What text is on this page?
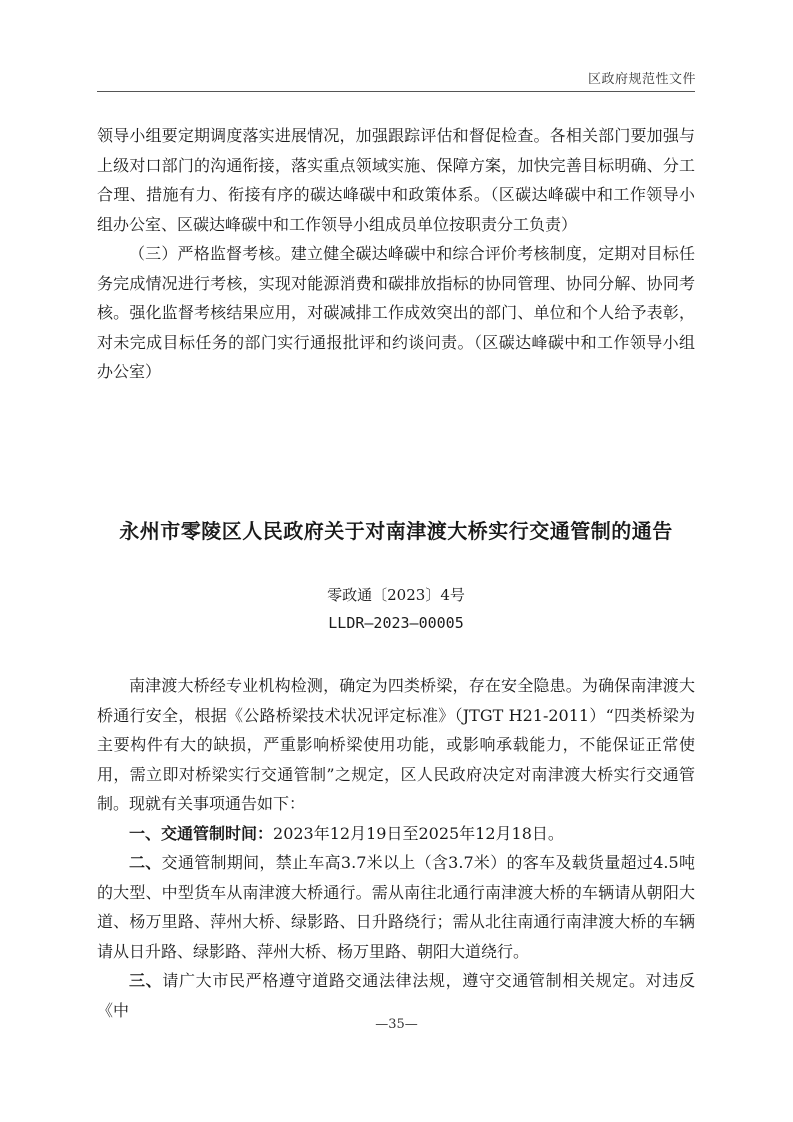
区政府规范性文件

领导小组要定期调度落实进展情况，加强跟踪评估和督促检查。各相关部门要加强与上级对口部门的沟通衔接，落实重点领域实施、保障方案，加快完善目标明确、分工合理、措施有力、衔接有序的碳达峰碳中和政策体系。（区碳达峰碳中和工作领导小组办公室、区碳达峰碳中和工作领导小组成员单位按职责分工负责）

（三）严格监督考核。建立健全碳达峰碳中和综合评价考核制度，定期对目标任务完成情况进行考核，实现对能源消费和碳排放指标的协同管理、协同分解、协同考核。强化监督考核结果应用，对碳减排工作成效突出的部门、单位和个人给予表彰，对未完成目标任务的部门实行通报批评和约谈问责。（区碳达峰碳中和工作领导小组办公室）

永州市零陵区人民政府关于对南津渡大桥实行交通管制的通告
零政通〔2023〕4号
LLDR—2023—00005

南津渡大桥经专业机构检测，确定为四类桥梁，存在安全隐患。为确保南津渡大桥通行安全，根据《公路桥梁技术状况评定标准》（JTGT H21-2011）“四类桥梁为主要构件有大的缺损，严重影响桥梁使用功能，或影响承载能力，不能保证正常使用，需立即对桥梁实行交通管制”之规定，区人民政府决定对南津渡大桥实行交通管制。现就有关事项通告如下：

一、交通管制时间：2023年12月19日至2025年12月18日。

二、交通管制期间，禁止车高3.7米以上（含3.7米）的客车及载货量超过4.5吨的大型、中型货车从南津渡大桥通行。需从南往北通行南津渡大桥的车辆请从朝阳大道、杨万里路、萍州大桥、绿影路、日升路绕行；需从北往南通行南津渡大桥的车辆请从日升路、绿影路、萍州大桥、杨万里路、朝阳大道绕行。

三、请广大市民严格遵守道路交通法律法规，遵守交通管制相关规定。对违反《中

—35—
